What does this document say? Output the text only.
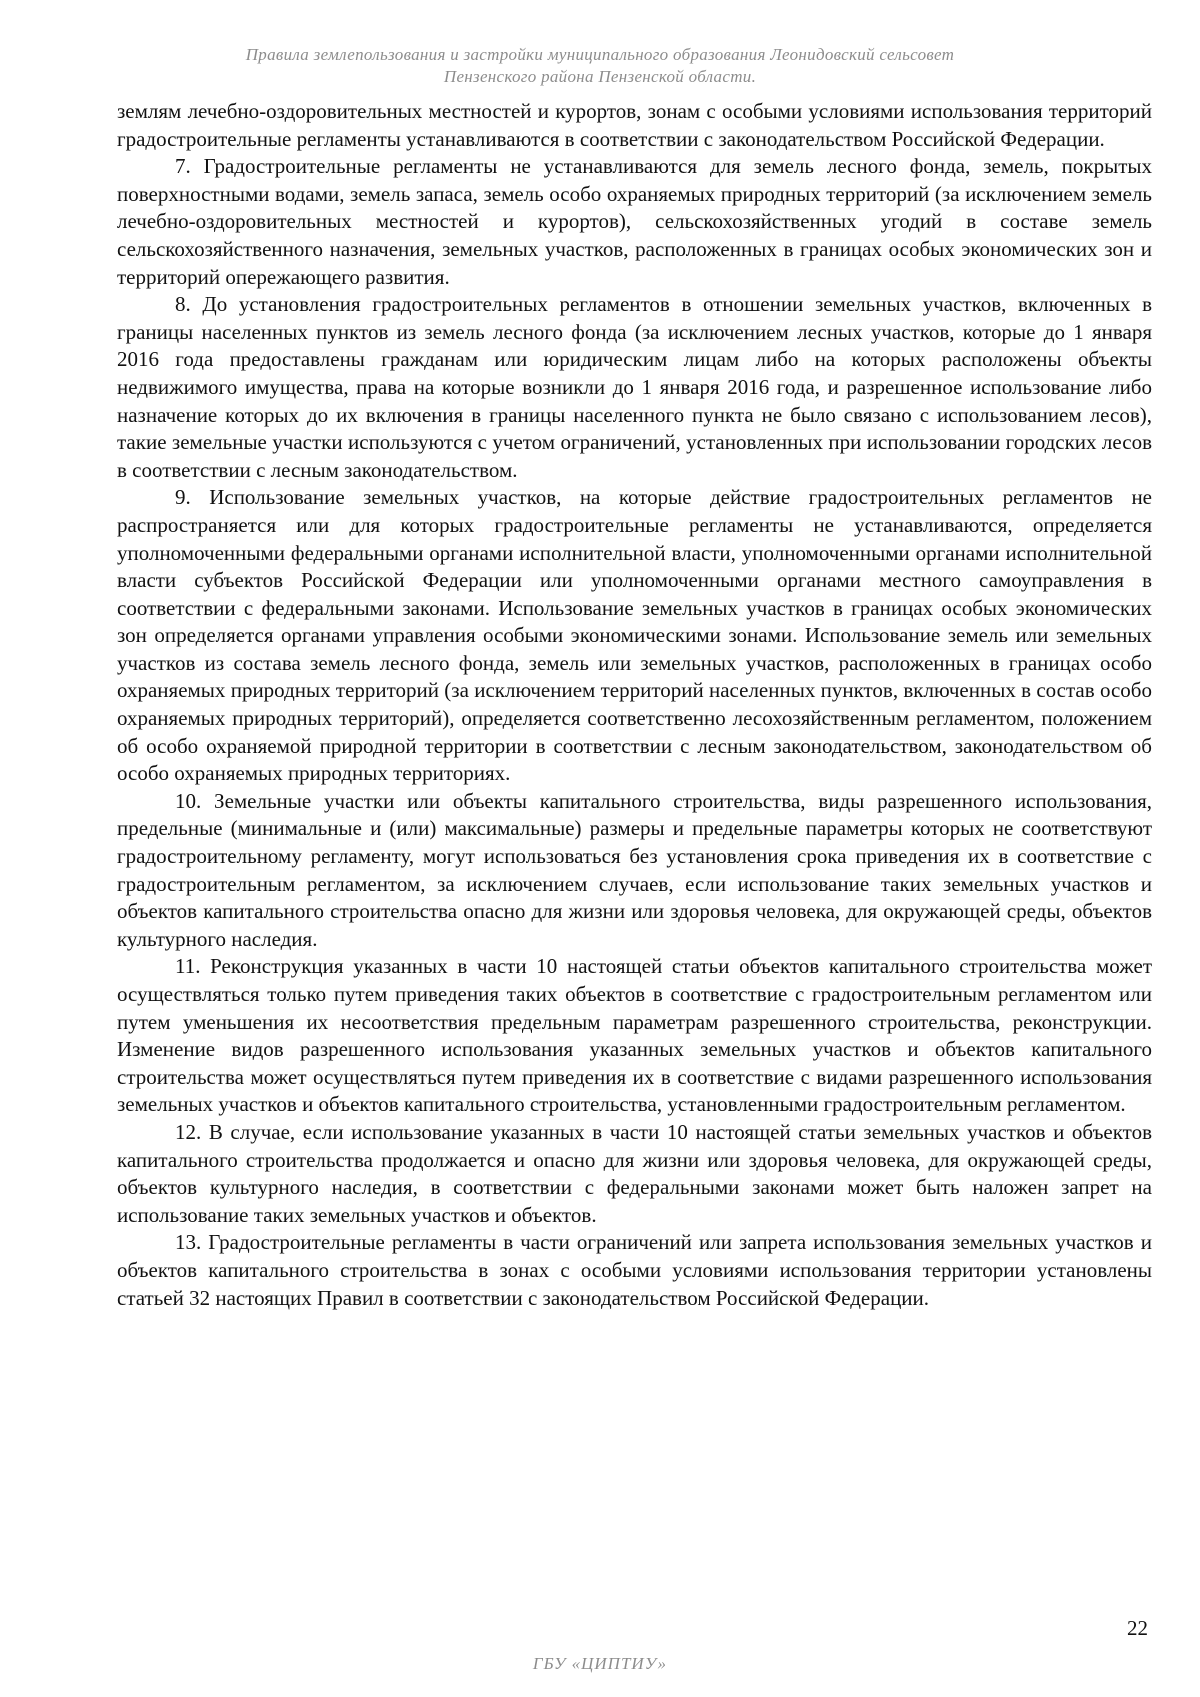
Правила землепользования и застройки муниципального образования Леонидовский сельсовет
Пензенского района Пензенской области.

землям лечебно-оздоровительных местностей и курортов, зонам с особыми условиями использования территорий градостроительные регламенты устанавливаются в соответствии с законодательством Российской Федерации.

7. Градостроительные регламенты не устанавливаются для земель лесного фонда, земель, покрытых поверхностными водами, земель запаса, земель особо охраняемых природных территорий (за исключением земель лечебно-оздоровительных местностей и курортов), сельскохозяйственных угодий в составе земель сельскохозяйственного назначения, земельных участков, расположенных в границах особых экономических зон и территорий опережающего развития.

8. До установления градостроительных регламентов в отношении земельных участков, включенных в границы населенных пунктов из земель лесного фонда (за исключением лесных участков, которые до 1 января 2016 года предоставлены гражданам или юридическим лицам либо на которых расположены объекты недвижимого имущества, права на которые возникли до 1 января 2016 года, и разрешенное использование либо назначение которых до их включения в границы населенного пункта не было связано с использованием лесов), такие земельные участки используются с учетом ограничений, установленных при использовании городских лесов в соответствии с лесным законодательством.

9. Использование земельных участков, на которые действие градостроительных регламентов не распространяется или для которых градостроительные регламенты не устанавливаются, определяется уполномоченными федеральными органами исполнительной власти, уполномоченными органами исполнительной власти субъектов Российской Федерации или уполномоченными органами местного самоуправления в соответствии с федеральными законами. Использование земельных участков в границах особых экономических зон определяется органами управления особыми экономическими зонами. Использование земель или земельных участков из состава земель лесного фонда, земель или земельных участков, расположенных в границах особо охраняемых природных территорий (за исключением территорий населенных пунктов, включенных в состав особо охраняемых природных территорий), определяется соответственно лесохозяйственным регламентом, положением об особо охраняемой природной территории в соответствии с лесным законодательством, законодательством об особо охраняемых природных территориях.

10. Земельные участки или объекты капитального строительства, виды разрешенного использования, предельные (минимальные и (или) максимальные) размеры и предельные параметры которых не соответствуют градостроительному регламенту, могут использоваться без установления срока приведения их в соответствие с градостроительным регламентом, за исключением случаев, если использование таких земельных участков и объектов капитального строительства опасно для жизни или здоровья человека, для окружающей среды, объектов культурного наследия.

11. Реконструкция указанных в части 10 настоящей статьи объектов капитального строительства может осуществляться только путем приведения таких объектов в соответствие с градостроительным регламентом или путем уменьшения их несоответствия предельным параметрам разрешенного строительства, реконструкции. Изменение видов разрешенного использования указанных земельных участков и объектов капитального строительства может осуществляться путем приведения их в соответствие с видами разрешенного использования земельных участков и объектов капитального строительства, установленными градостроительным регламентом.

12. В случае, если использование указанных в части 10 настоящей статьи земельных участков и объектов капитального строительства продолжается и опасно для жизни или здоровья человека, для окружающей среды, объектов культурного наследия, в соответствии с федеральными законами может быть наложен запрет на использование таких земельных участков и объектов.

13. Градостроительные регламенты в части ограничений или запрета использования земельных участков и объектов капитального строительства в зонах с особыми условиями использования территории установлены статьей 32 настоящих Правил в соответствии с законодательством Российской Федерации.

22
ГБУ «ЦИПТИУ»
